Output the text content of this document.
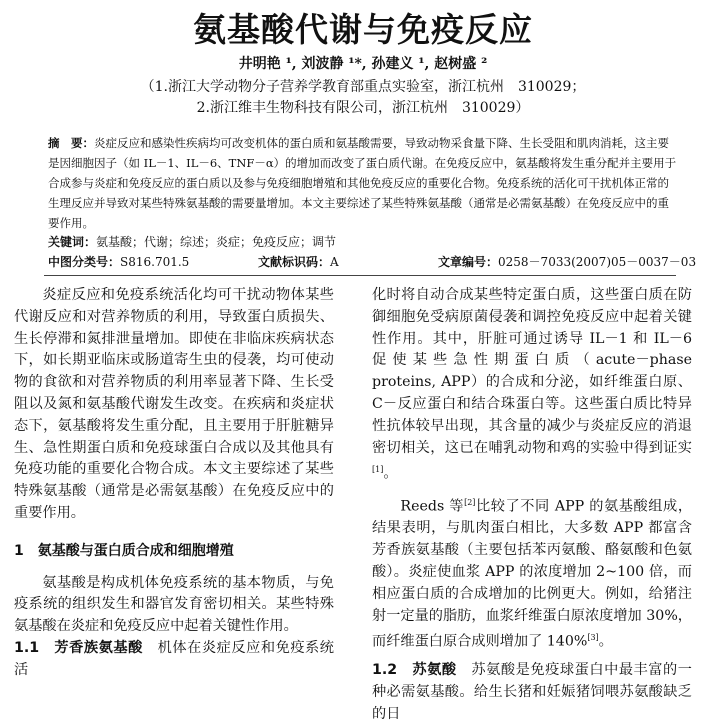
氨基酸代谢与免疫反应
井明艳 ¹, 刘波静 ¹*, 孙建义 ¹, 赵树盛 ²
（1.浙江大学动物分子营养学教育部重点实验室，浙江杭州　310029；
2.浙江维丰生物科技有限公司，浙江杭州　310029）
摘　要：炎症反应和感染性疾病均可改变机体的蛋白质和氨基酸需要，导致动物采食量下降、生长受阻和肌肉消耗，这主要是因细胞因子（如 IL－1、IL－6、TNF－α）的增加而改变了蛋白质代谢。在免疫反应中，氨基酸将发生重分配并主要用于合成参与炎症和免疫反应的蛋白质以及参与免疫细胞增殖和其他免疫反应的重要化合物。免疫系统的活化可干扰机体正常的生理反应并导致对某些特殊氨基酸的需要量增加。本文主要综述了某些特殊氨基酸（通常是必需氨基酸）在免疫反应中的重要作用。
关键词：氨基酸；代谢；综述；炎症；免疫反应；调节
中图分类号：S816.701.5	文献标识码：A	文章编号：0258－7033(2007)05－0037－03

炎症反应和免疫系统活化均可干扰动物体某些代谢反应和对营养物质的利用，导致蛋白质损失、生长停滞和氮排泄量增加。即使在非临床疾病状态下，如长期亚临床或肠道寄生虫的侵袭，均可使动物的食欲和对营养物质的利用率显著下降、生长受阻以及氮和氨基酸代谢发生改变。在疾病和炎症状态下，氨基酸将发生重分配，且主要用于肝脏糖异生、急性期蛋白质和免疫球蛋白合成以及其他具有免疫功能的重要化合物合成。本文主要综述了某些特殊氨基酸（通常是必需氨基酸）在免疫反应中的重要作用。

1　氨基酸与蛋白质合成和细胞增殖

氨基酸是构成机体免疫系统的基本物质，与免疫系统的组织发生和器官发育密切相关。某些特殊氨基酸在炎症和免疫反应中起着关键性作用。

1.1　芳香族氨基酸　 机体在炎症反应和免疫系统活

化时将自动合成某些特定蛋白质，这些蛋白质在防御细胞免受病原菌侵袭和调控免疫反应中起着关键性作用。其中，肝脏可通过诱导 IL－1 和 IL－6 促使某些急性期蛋白质（acute－phase proteins, APP）的合成和分泌，如纤维蛋白原、C－反应蛋白和结合珠蛋白等。这些蛋白质比特异性抗体较早出现，其含量的减少与炎症反应的消退密切相关，这已在哺乳动物和鸡的实验中得到证实[1]。

Reeds 等[2]比较了不同 APP 的氨基酸组成，结果表明，与肌肉蛋白相比，大多数 APP 都富含芳香族氨基酸（主要包括苯丙氨酸、酪氨酸和色氨酸）。炎症使血浆 APP 的浓度增加 2~100 倍，而相应蛋白质的合成增加的比例更大。例如，给猪注射一定量的脂肪，血浆纤维蛋白原浓度增加 30%，而纤维蛋白原合成则增加了 140%[3]。

1.2　苏氨酸　 苏氨酸是免疫球蛋白中最丰富的一种必需氨基酸。给生长猪和妊娠猪饲喂苏氨酸缺乏的日
